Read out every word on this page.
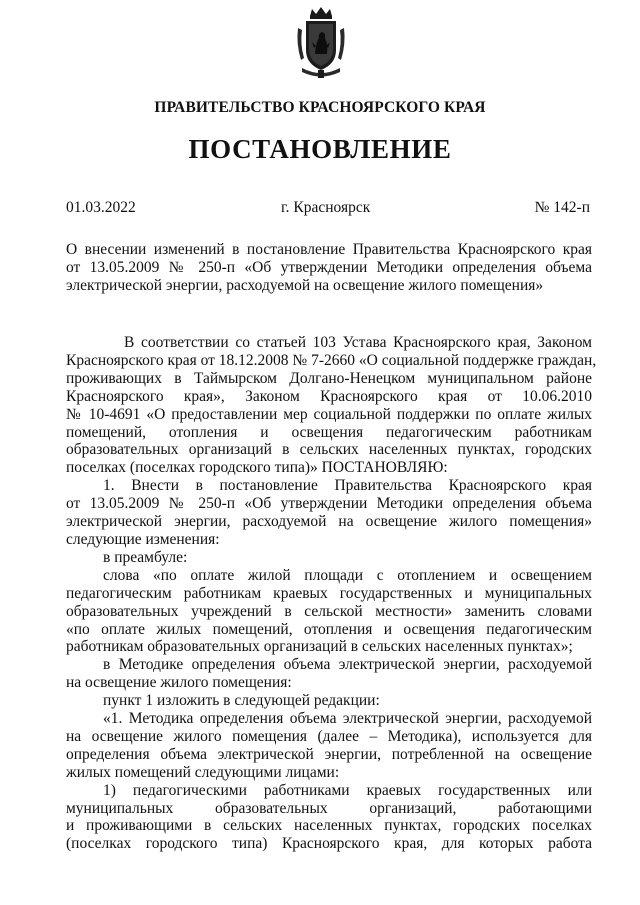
ПРАВИТЕЛЬСТВО КРАСНОЯРСКОГО КРАЯ
ПОСТАНОВЛЕНИЕ
01.03.2022	г. Красноярск	№ 142-п
О внесении изменений в постановление Правительства Красноярского края
от 13.05.2009 № 250-п «Об утверждении Методики определения объема
электрической энергии, расходуемой на освещение жилого помещения»
В соответствии со статьей 103 Устава Красноярского края, Законом
Красноярского края от 18.12.2008 № 7-2660 «О социальной поддержке граждан,
проживающих в Таймырском Долгано-Ненецком муниципальном районе
Красноярского края», Законом Красноярского края от 10.06.2010
№ 10-4691 «О предоставлении мер социальной поддержки по оплате жилых
помещений, отопления и освещения педагогическим работникам
образовательных организаций в сельских населенных пунктах, городских
поселках (поселках городского типа)» ПОСТАНОВЛЯЮ:
1. Внести в постановление Правительства Красноярского края
от 13.05.2009 № 250-п «Об утверждении Методики определения объема
электрической энергии, расходуемой на освещение жилого помещения»
следующие изменения:
в преамбуле:
слова «по оплате жилой площади с отоплением и освещением
педагогическим работникам краевых государственных и муниципальных
образовательных учреждений в сельской местности» заменить словами
«по оплате жилых помещений, отопления и освещения педагогическим
работникам образовательных организаций в сельских населенных пунктах»;
в Методике определения объема электрической энергии, расходуемой
на освещение жилого помещения:
пункт 1 изложить в следующей редакции:
«1. Методика определения объема электрической энергии, расходуемой
на освещение жилого помещения (далее – Методика), используется для
определения объема электрической энергии, потребленной на освещение
жилых помещений следующими лицами:
1) педагогическими работниками краевых государственных или
муниципальных образовательных организаций, работающими
и проживающими в сельских населенных пунктах, городских поселках
(поселках городского типа) Красноярского края, для которых работа
